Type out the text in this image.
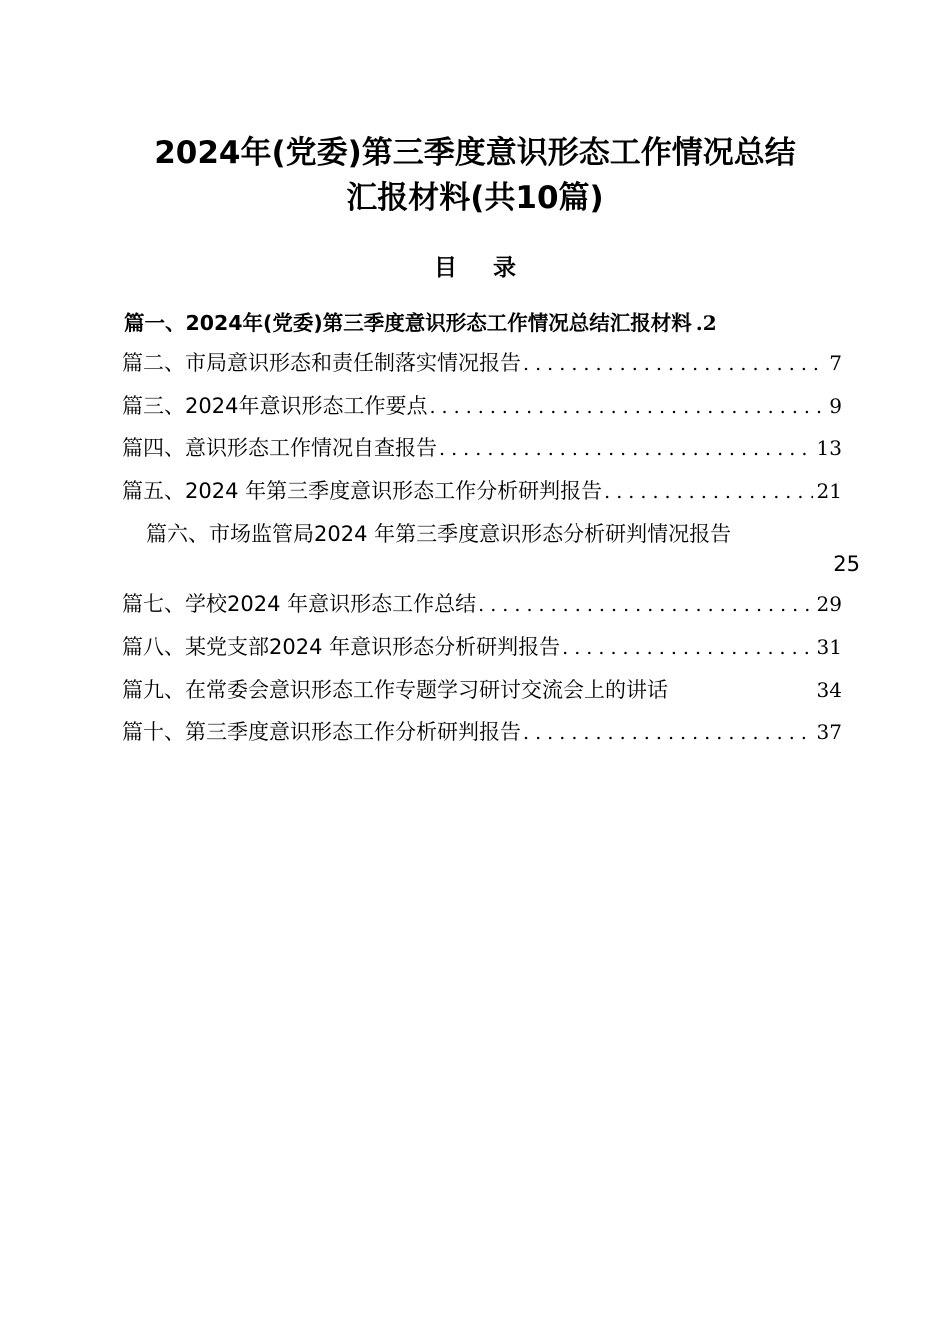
2024年(党委)第三季度意识形态工作情况总结
汇报材料(共10篇)
目 录
篇一、2024年(党委)第三季度意识形态工作情况总结汇报材料 .2
篇二、市局意识形态和责任制落实情况报告 . . .	7
篇三、2024年意识形态工作要点 . . .	9
篇四、意识形态工作情况自查报告 . . .	13
篇五、2024 年第三季度意识形态工作分析研判报告 . . .	21
篇六、市场监管局2024 年第三季度意识形态分析研判情况报告
25
篇七、学校2024 年意识形态工作总结 . . .	29
篇八、某党支部2024 年意识形态分析研判报告 . . .	31
篇九、在常委会意识形态工作专题学习研讨交流会上的讲话	34
篇十、第三季度意识形态工作分析研判报告 . . .	37
